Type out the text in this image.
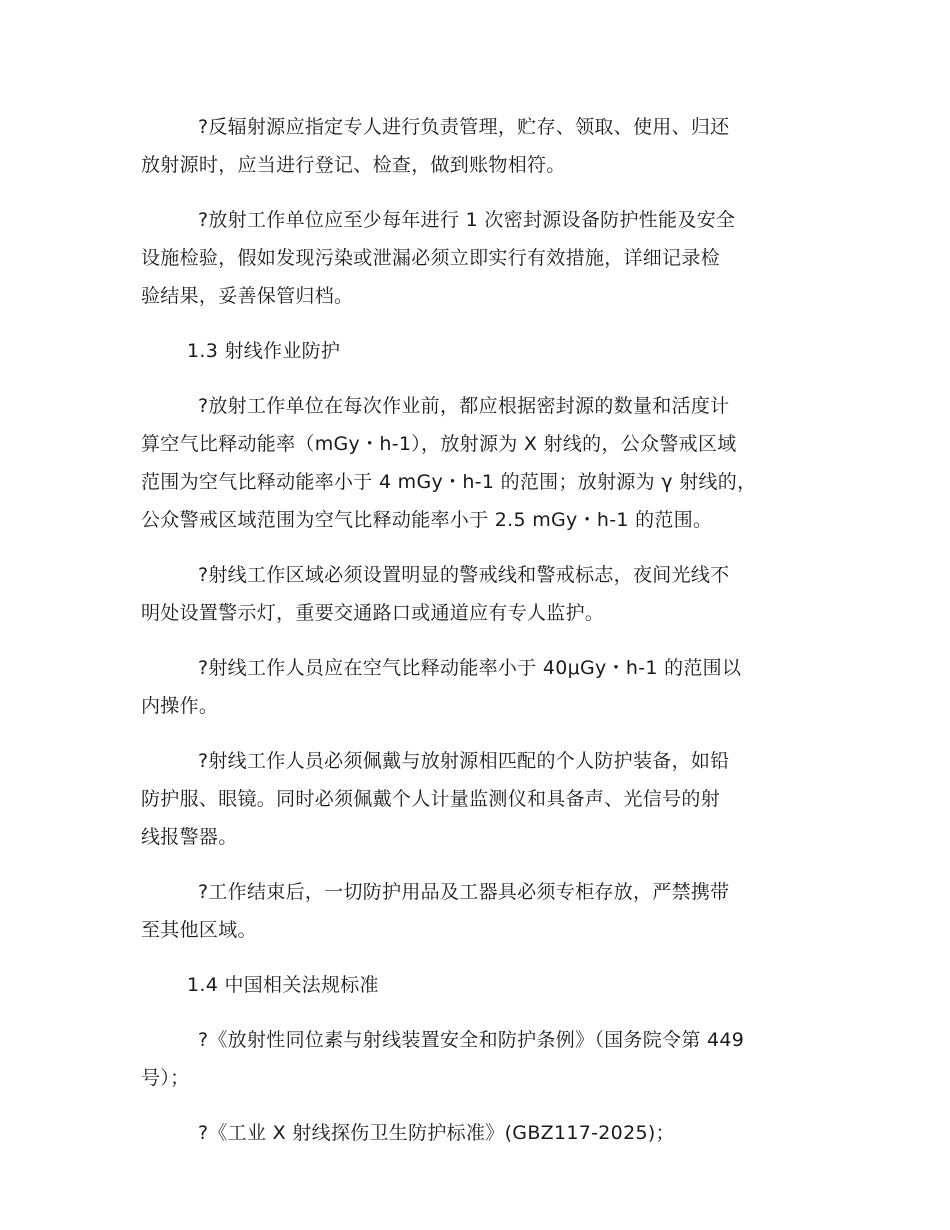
?反辐射源应指定专人进行负责管理，贮存、领取、使用、归还
放射源时，应当进行登记、检查，做到账物相符。

?放射工作单位应至少每年进行 1 次密封源设备防护性能及安全
设施检验，假如发现污染或泄漏必须立即实行有效措施，详细记录检
验结果，妥善保管归档。

1.3 射线作业防护

?放射工作单位在每次作业前，都应根据密封源的数量和活度计
算空气比释动能率（mGy・h-1），放射源为 X 射线的，公众警戒区域
范围为空气比释动能率小于 4 mGy・h-1 的范围；放射源为 γ 射线的，
公众警戒区域范围为空气比释动能率小于 2.5 mGy・h-1 的范围。

?射线工作区域必须设置明显的警戒线和警戒标志，夜间光线不
明处设置警示灯，重要交通路口或通道应有专人监护。

?射线工作人员应在空气比释动能率小于 40μGy・h-1 的范围以
内操作。

?射线工作人员必须佩戴与放射源相匹配的个人防护装备，如铅
防护服、眼镜。同时必须佩戴个人计量监测仪和具备声、光信号的射
线报警器。

?工作结束后，一切防护用品及工器具必须专柜存放，严禁携带
至其他区域。

1.4 中国相关法规标准

?《放射性同位素与射线装置安全和防护条例》（国务院令第 449
号）；

?《工业 X 射线探伤卫生防护标准》(GBZ117-2025)；
